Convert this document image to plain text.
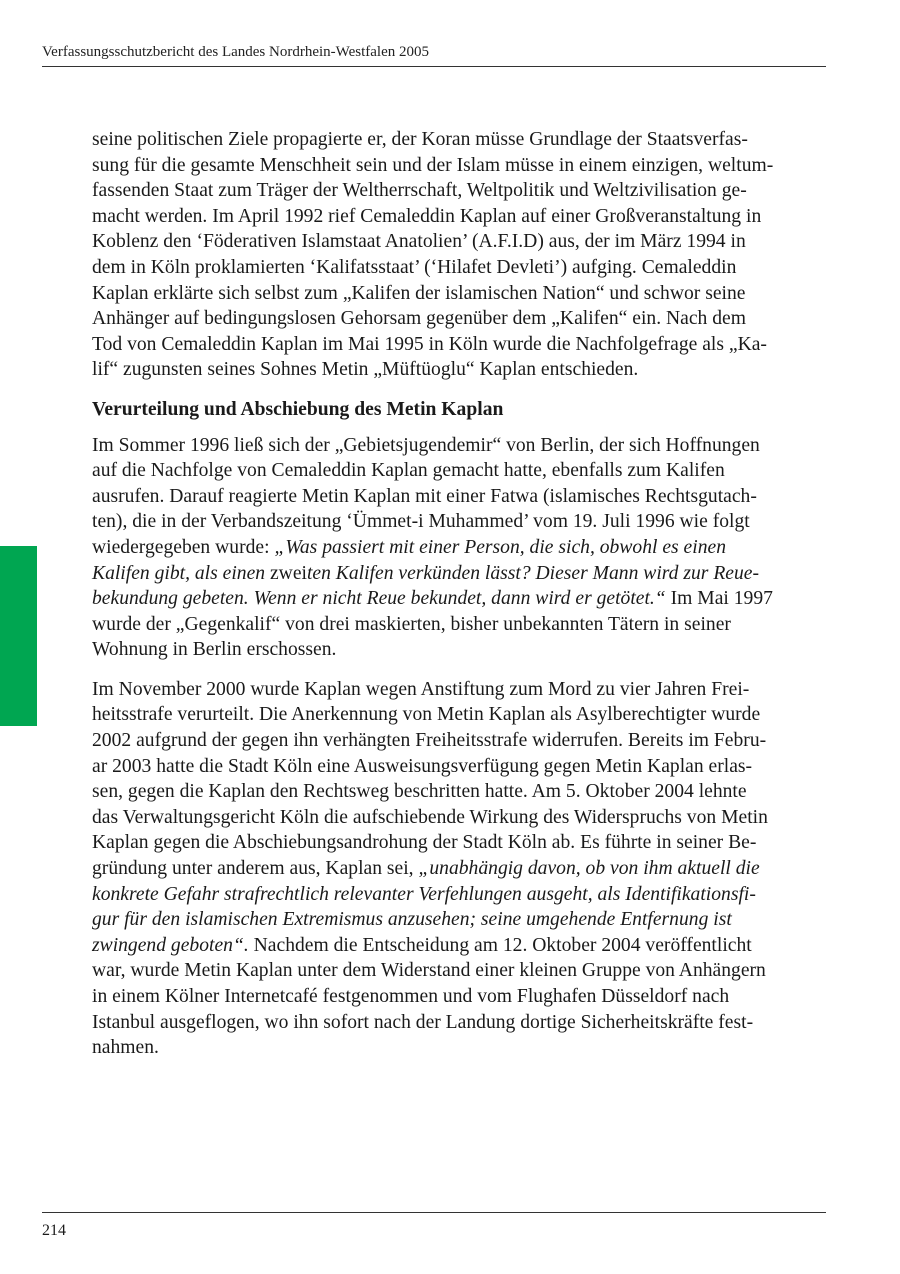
Verfassungsschutzbericht des Landes Nordrhein-Westfalen 2005

seine politischen Ziele propagierte er, der Koran müsse Grundlage der Staatsverfas-
sung für die gesamte Menschheit sein und der Islam müsse in einem einzigen, weltum-
fassenden Staat zum Träger der Weltherrschaft, Weltpolitik und Weltzivilisation ge-
macht werden. Im April 1992 rief Cemaleddin Kaplan auf einer Großveranstaltung in
Koblenz den ‘Föderativen Islamstaat Anatolien’ (A.F.I.D) aus, der im März 1994 in
dem in Köln proklamierten ‘Kalifatsstaat’ (‘Hilafet Devleti’) aufging. Cemaleddin
Kaplan erklärte sich selbst zum „Kalifen der islamischen Nation“ und schwor seine
Anhänger auf bedingungslosen Gehorsam gegenüber dem „Kalifen“ ein. Nach dem
Tod von Cemaleddin Kaplan im Mai 1995 in Köln wurde die Nachfolgefrage als „Ka-
lif“ zugunsten seines Sohnes Metin „Müftüoglu“ Kaplan entschieden.

Verurteilung und Abschiebung des Metin Kaplan

Im Sommer 1996 ließ sich der „Gebietsjugendemir“ von Berlin, der sich Hoffnungen
auf die Nachfolge von Cemaleddin Kaplan gemacht hatte, ebenfalls zum Kalifen
ausrufen. Darauf reagierte Metin Kaplan mit einer Fatwa (islamisches Rechtsgutach-
ten), die in der Verbandszeitung ‘Ümmet-i Muhammed’ vom 19. Juli 1996 wie folgt
wiedergegeben wurde: „Was passiert mit einer Person, die sich, obwohl es einen
Kalifen gibt, als einen zweiten Kalifen verkünden lässt? Dieser Mann wird zur Reue-
bekundung gebeten. Wenn er nicht Reue bekundet, dann wird er getötet.“ Im Mai 1997
wurde der „Gegenkalif“ von drei maskierten, bisher unbekannten Tätern in seiner
Wohnung in Berlin erschossen.

Im November 2000 wurde Kaplan wegen Anstiftung zum Mord zu vier Jahren Frei-
heitsstrafe verurteilt. Die Anerkennung von Metin Kaplan als Asylberechtigter wurde
2002 aufgrund der gegen ihn verhängten Freiheitsstrafe widerrufen. Bereits im Febru-
ar 2003 hatte die Stadt Köln eine Ausweisungsverfügung gegen Metin Kaplan erlas-
sen, gegen die Kaplan den Rechtsweg beschritten hatte. Am 5. Oktober 2004 lehnte
das Verwaltungsgericht Köln die aufschiebende Wirkung des Widerspruchs von Metin
Kaplan gegen die Abschiebungsandrohung der Stadt Köln ab. Es führte in seiner Be-
gründung unter anderem aus, Kaplan sei, „unabhängig davon, ob von ihm aktuell die
konkrete Gefahr strafrechtlich relevanter Verfehlungen ausgeht, als Identifikationsfi-
gur für den islamischen Extremismus anzusehen; seine umgehende Entfernung ist
zwingend geboten“. Nachdem die Entscheidung am 12. Oktober 2004 veröffentlicht
war, wurde Metin Kaplan unter dem Widerstand einer kleinen Gruppe von Anhängern
in einem Kölner Internetcafé festgenommen und vom Flughafen Düsseldorf nach
Istanbul ausgeflogen, wo ihn sofort nach der Landung dortige Sicherheitskräfte fest-
nahmen.

214
